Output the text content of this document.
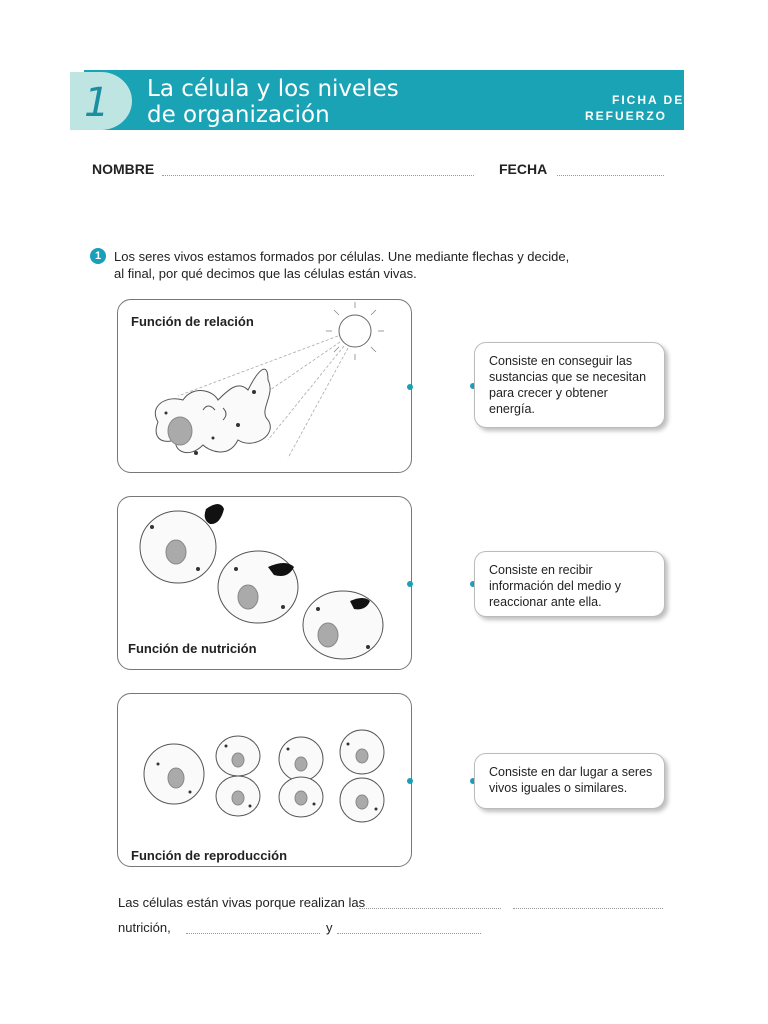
1 La célula y los niveles
de organización
FICHA DE
REFUERZO
NOMBRE	FECHA
1 Los seres vivos estamos formados por células. Une mediante flechas y decide,
al final, por qué decimos que las células están vivas.
Función de relación
Función de nutrición
Función de reproducción
Consiste en conseguir las sustancias que se necesitan para crecer y obtener energía.
Consiste en recibir información del medio y reaccionar ante ella.
Consiste en dar lugar a seres vivos iguales o similares.
Las células están vivas porque realizan las
nutrición,	y
